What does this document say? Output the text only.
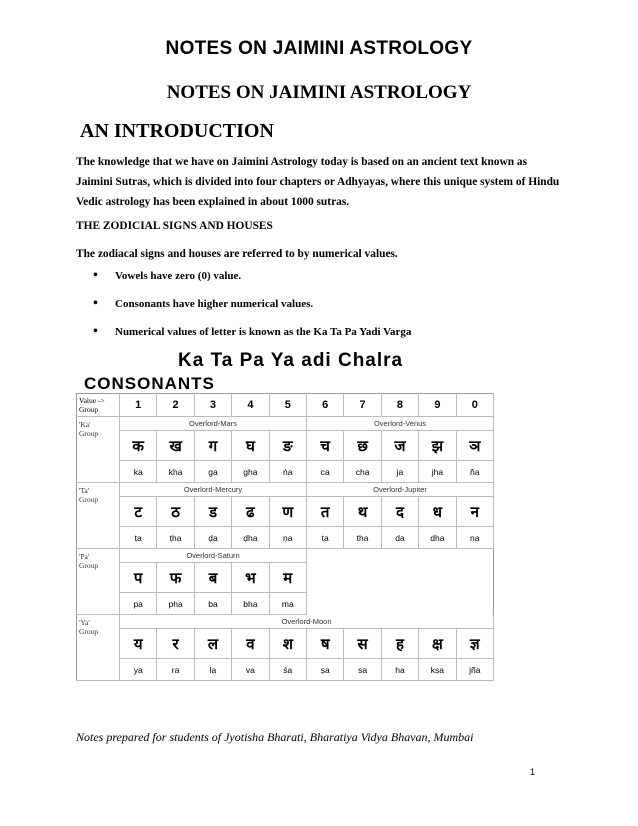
NOTES ON JAIMINI ASTROLOGY
NOTES ON JAIMINI ASTROLOGY
AN INTRODUCTION
The knowledge that we have on Jaimini Astrology today is based on an ancient text known as Jaimini Sutras, which is divided into four chapters or Adhyayas, where this unique system of Hindu Vedic astrology has been explained in about 1000 sutras.
THE ZODICIAL SIGNS AND HOUSES
The zodiacal signs and houses are referred to by numerical values.
• Vowels have zero (0) value.
• Consonants have higher numerical values.
• Numerical values of letter is known as the Ka Ta Pa Yadi Varga
Ka Ta Pa Ya adi Chalra
CONSONANTS
Value ->
Group	1	2	3	4	5	6	7	8	9	0
'Ka'
Group
Overlord-Mars	Overlord-Venus
क	ख	ग	घ	ङ	च	छ	ज	झ	ञ
ka	kha	ga	gha	ṅa	ca	cha	ja	jha	ña
'Ta'
Group
Overlord-Mercury	Overlord-Jupiter
ट	ठ	ड	ढ	ण	त	थ	द	ध	न
ṭa	ṭha	ḍa	ḍha	ṇa	ta	tha	da	dha	na
'Pa'
Group
Overlord-Saturn
प	फ	ब	भ	म
pa	pha	ba	bha	ma
'Ya'
Group
Overlord-Moon
य	र	ल	व	श	ष	स	ह	क्ष	ज्ञ
ya	ra	la	va	śa	ṣa	sa	ha	kṣa	jña
Notes prepared for students of Jyotisha Bharati, Bharatiya Vidya Bhavan, Mumbai
1
